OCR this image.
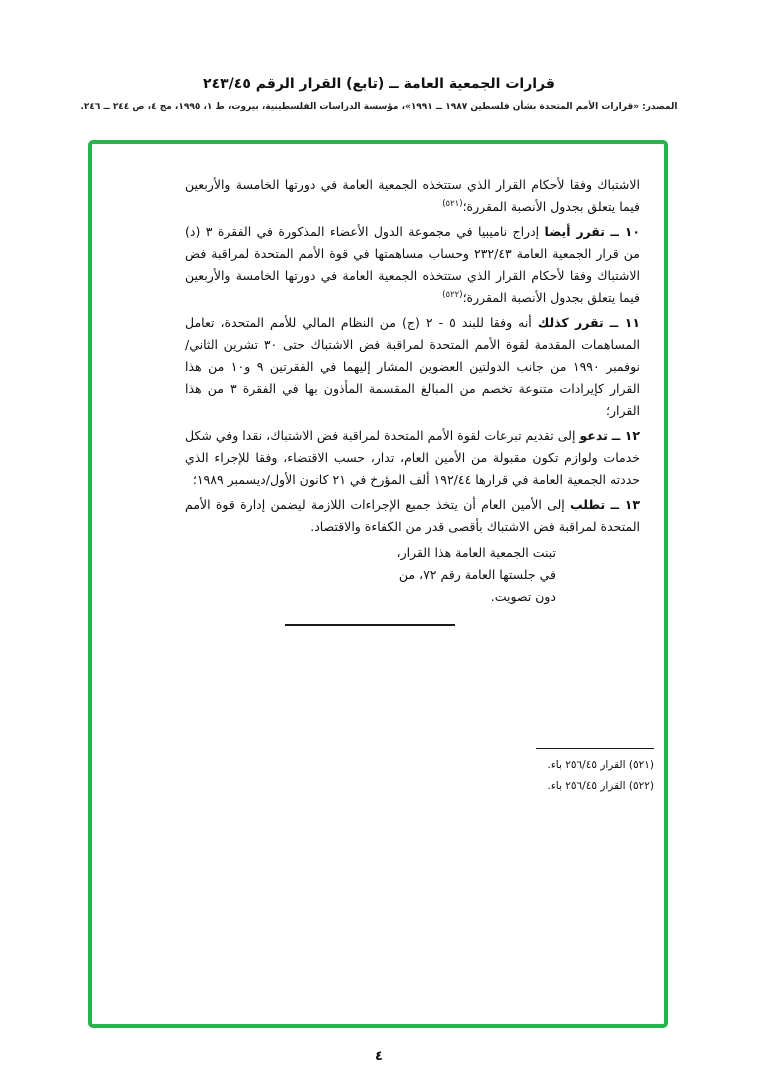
قرارات الجمعية العامة ــ (تابع) القرار الرقم ٢٤٣/٤٥
المصدر: «قرارات الأمم المتحدة بشأن فلسطين ١٩٨٧ ــ ١٩٩١»، مؤسسة الدراسات الفلسطينية، بيروت، ط ١، ١٩٩٥، مج ٤، ص ٢٤٤ ــ ٢٤٦.

الاشتباك وفقا لأحكام القرار الذي ستتخذه الجمعية العامة في دورتها الخامسة والأربعين فيما يتعلق بجدول الأنصبة المقررة؛$^{(٥٢١)}$

١٠ ــ تقرر أيضا إدراج ناميبيا في مجموعة الدول الأعضاء المذكورة في الفقرة ٣ (د) من قرار الجمعية العامة ٢٣٢/٤٣ وحساب مساهمتها في قوة الأمم المتحدة لمراقبة فض الاشتباك وفقا لأحكام القرار الذي ستتخذه الجمعية العامة في دورتها الخامسة والأربعين فيما يتعلق بجدول الأنصبة المقررة؛$^{(٥٢٢)}$

١١ ــ تقرر كذلك أنه وفقا للبند ٥ - ٢ (ج) من النظام المالي للأمم المتحدة، تعامل المساهمات المقدمة لقوة الأمم المتحدة لمراقبة فض الاشتباك حتى ٣٠ تشرين الثاني/نوفمبر ١٩٩٠ من جانب الدولتين العضوين المشار إليهما في الفقرتين ٩ و١٠ من هذا القرار كإيرادات متنوعة تخصم من المبالغ المقسمة المأذون بها في الفقرة ٣ من هذا القرار؛

١٢ ــ تدعو إلى تقديم تبرعات لقوة الأمم المتحدة لمراقبة فض الاشتباك، نقدا وفي شكل خدمات ولوازم تكون مقبولة من الأمين العام، تدار، حسب الاقتضاء، وفقا للإجراء الذي حددته الجمعية العامة في قرارها ١٩٢/٤٤ ألف المؤرخ في ٢١ كانون الأول/ديسمبر ١٩٨٩؛

١٣ ــ تطلب إلى الأمين العام أن يتخذ جميع الإجراءات اللازمة ليضمن إدارة قوة الأمم المتحدة لمراقبة فض الاشتباك بأقصى قدر من الكفاءة والاقتصاد.

تبنت الجمعية العامة هذا القرار،

في جلستها العامة رقم ٧٢، من

دون تصويت.

(٥٢١) القرار ٢٥٦/٤٥ باء.

(٥٢٢) القرار ٢٥٦/٤٥ باء.

٤
